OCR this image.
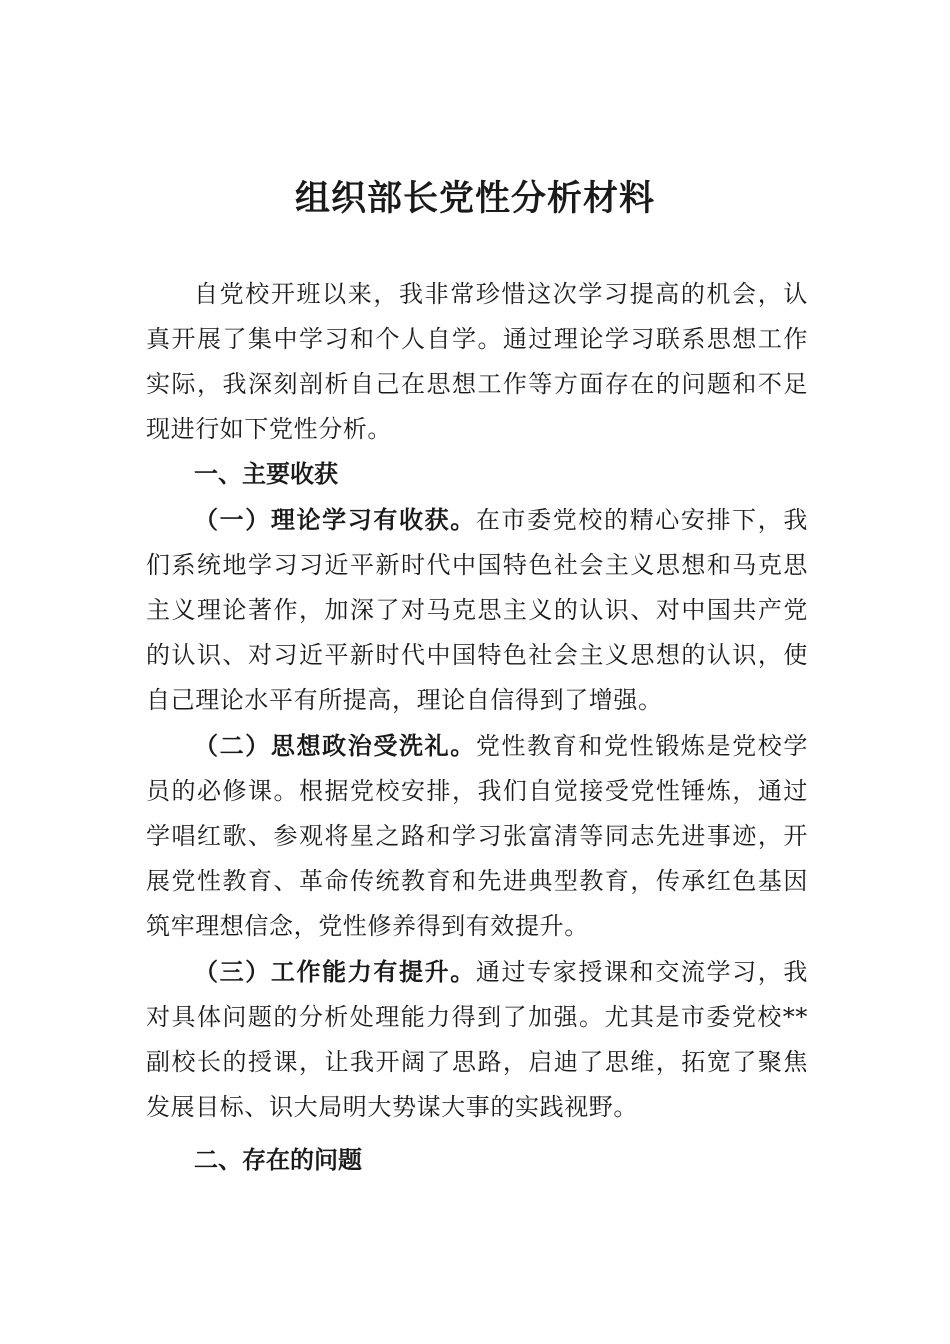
组织部长党性分析材料

自党校开班以来，我非常珍惜这次学习提高的机会，认真开展了集中学习和个人自学。通过理论学习联系思想工作实际，我深刻剖析自己在思想工作等方面存在的问题和不足现进行如下党性分析。

一、主要收获

（一）理论学习有收获。在市委党校的精心安排下，我们系统地学习习近平新时代中国特色社会主义思想和马克思主义理论著作，加深了对马克思主义的认识、对中国共产党的认识、对习近平新时代中国特色社会主义思想的认识，使自己理论水平有所提高，理论自信得到了增强。

（二）思想政治受洗礼。党性教育和党性锻炼是党校学员的必修课。根据党校安排，我们自觉接受党性锤炼，通过学唱红歌、参观将星之路和学习张富清等同志先进事迹，开展党性教育、革命传统教育和先进典型教育，传承红色基因筑牢理想信念，党性修养得到有效提升。

（三）工作能力有提升。通过专家授课和交流学习，我对具体问题的分析处理能力得到了加强。尤其是市委党校**副校长的授课，让我开阔了思路，启迪了思维，拓宽了聚焦发展目标、识大局明大势谋大事的实践视野。

二、存在的问题
